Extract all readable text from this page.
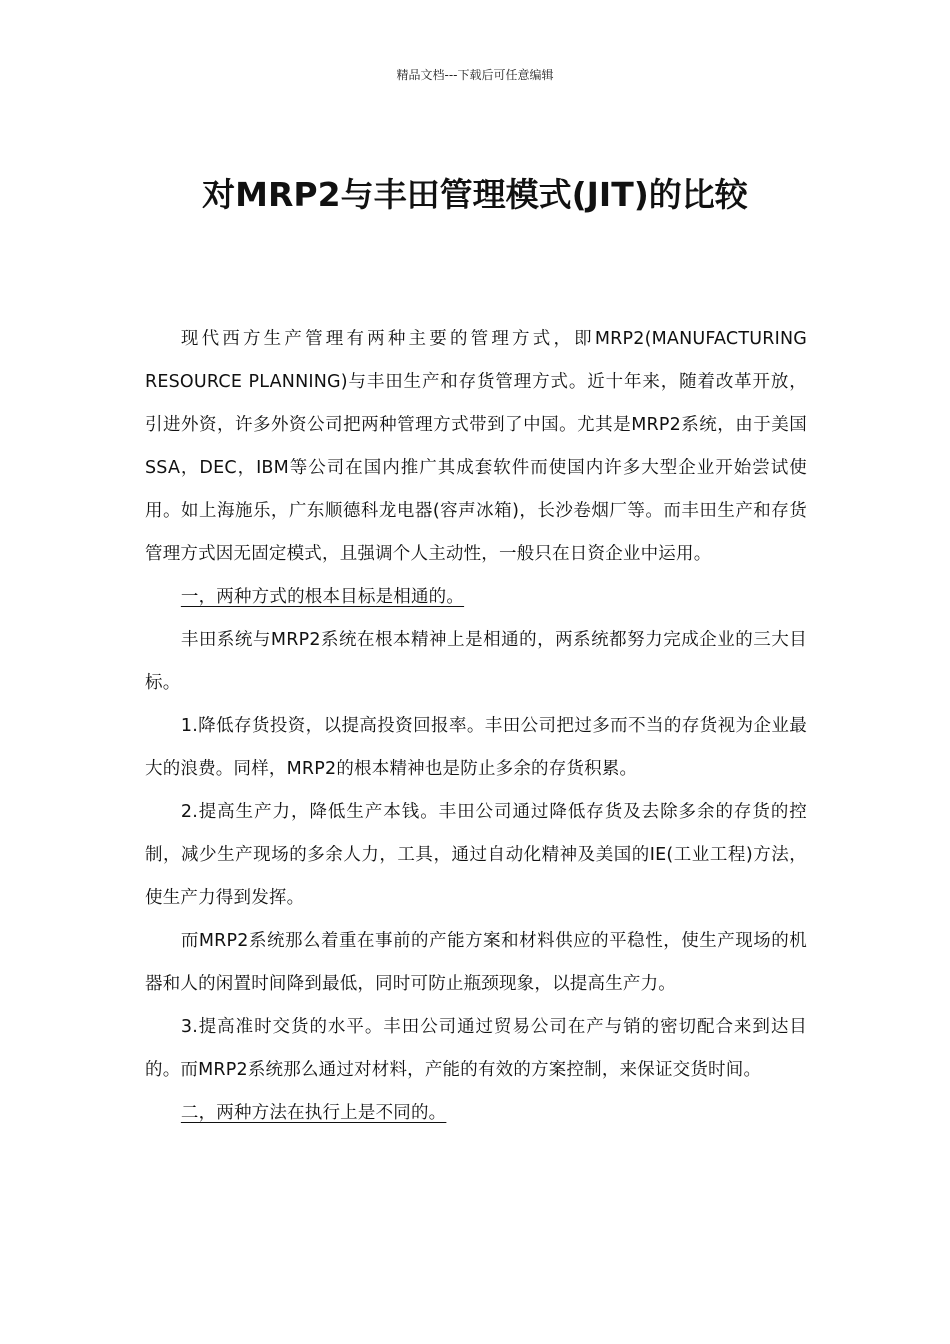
精品文档---下载后可任意编辑
对MRP2与丰田管理模式(JIT)的比较

现代西方生产管理有两种主要的管理方式，即MRP2(MANUFACTURING RESOURCE PLANNING)与丰田生产和存货管理方式。近十年来，随着改革开放，引进外资，许多外资公司把两种管理方式带到了中国。尤其是MRP2系统，由于美国SSA，DEC，IBM等公司在国内推广其成套软件而使国内许多大型企业开始尝试使用。如上海施乐，广东顺德科龙电器(容声冰箱)，长沙卷烟厂等。而丰田生产和存货管理方式因无固定模式，且强调个人主动性，一般只在日资企业中运用。

一，两种方式的根本目标是相通的。

丰田系统与MRP2系统在根本精神上是相通的，两系统都努力完成企业的三大目标。

1.降低存货投资，以提高投资回报率。丰田公司把过多而不当的存货视为企业最大的浪费。同样，MRP2的根本精神也是防止多余的存货积累。

2.提高生产力，降低生产本钱。丰田公司通过降低存货及去除多余的存货的控制，减少生产现场的多余人力，工具，通过自动化精神及美国的IE(工业工程)方法，使生产力得到发挥。

而MRP2系统那么着重在事前的产能方案和材料供应的平稳性，使生产现场的机器和人的闲置时间降到最低，同时可防止瓶颈现象，以提高生产力。

3.提高准时交货的水平。丰田公司通过贸易公司在产与销的密切配合来到达目的。而MRP2系统那么通过对材料，产能的有效的方案控制，来保证交货时间。

二，两种方法在执行上是不同的。
